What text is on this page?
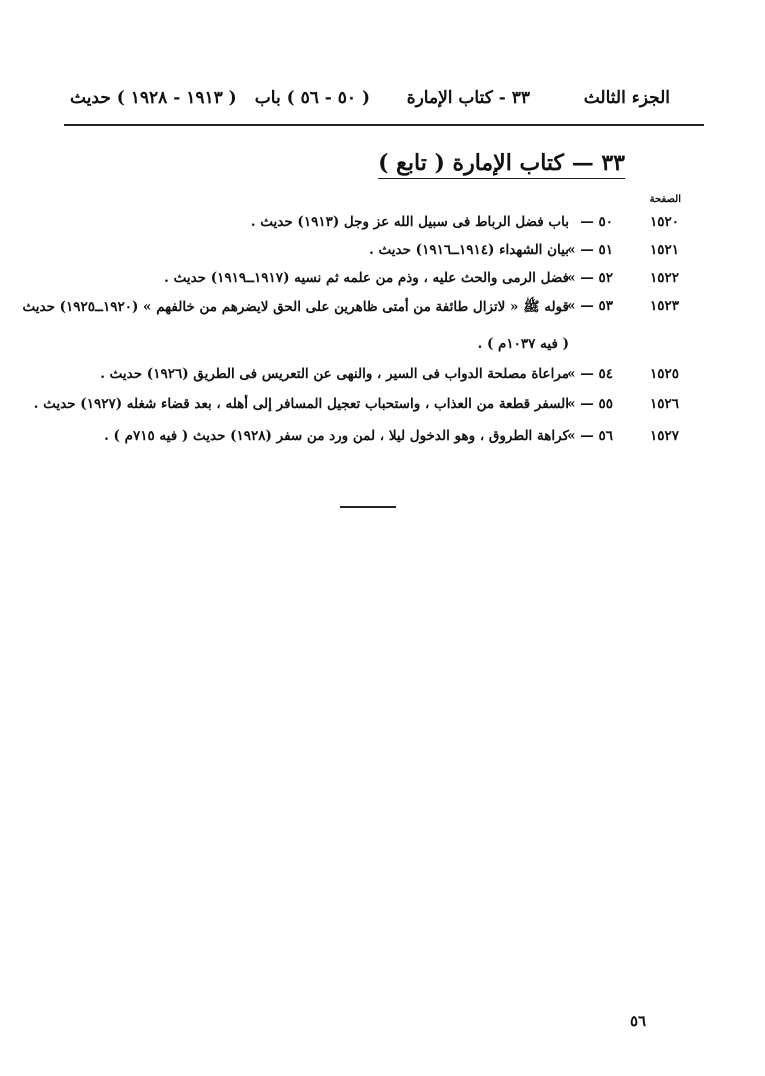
الجزء الثالث
٣٣ - كتاب الإمارة
( ٥٠ - ٥٦ ) باب
( ١٩١٣ - ١٩٢٨ ) حديث
٣٣ — كتاب الإمارة ( تابع )
الصفحة
١٥٢٠
٥٠ —
باب فضل الرباط فى سبيل الله عز وجل (١٩١٣) حديث .
١٥٢١
٥١ — »
بيان الشهداء (١٩١٤ــ١٩١٦) حديث .
١٥٢٢
٥٢ — »
فضل الرمى والحث عليه ، وذم من علمه ثم نسيه (١٩١٧ــ١٩١٩) حديث .
١٥٢٣
٥٣ — »
قوله ﷺ « لاتزال طائفة من أمتى ظاهرين على الحق لايضرهم من خالفهم » (١٩٢٠ــ١٩٢٥) حديث
( فيه ١٠٣٧م ) .
١٥٢٥
٥٤ — »
مراعاة مصلحة الدواب فى السير ، والنهى عن التعريس فى الطريق (١٩٢٦) حديث .
١٥٢٦
٥٥ — »
السفر قطعة من العذاب ، واستحباب تعجيل المسافر إلى أهله ، بعد قضاء شغله (١٩٢٧) حديث .
١٥٢٧
٥٦ — »
كراهة الطروق ، وهو الدخول ليلا ، لمن ورد من سفر (١٩٢٨) حديث ( فيه ٧١٥م ) .
٥٦
